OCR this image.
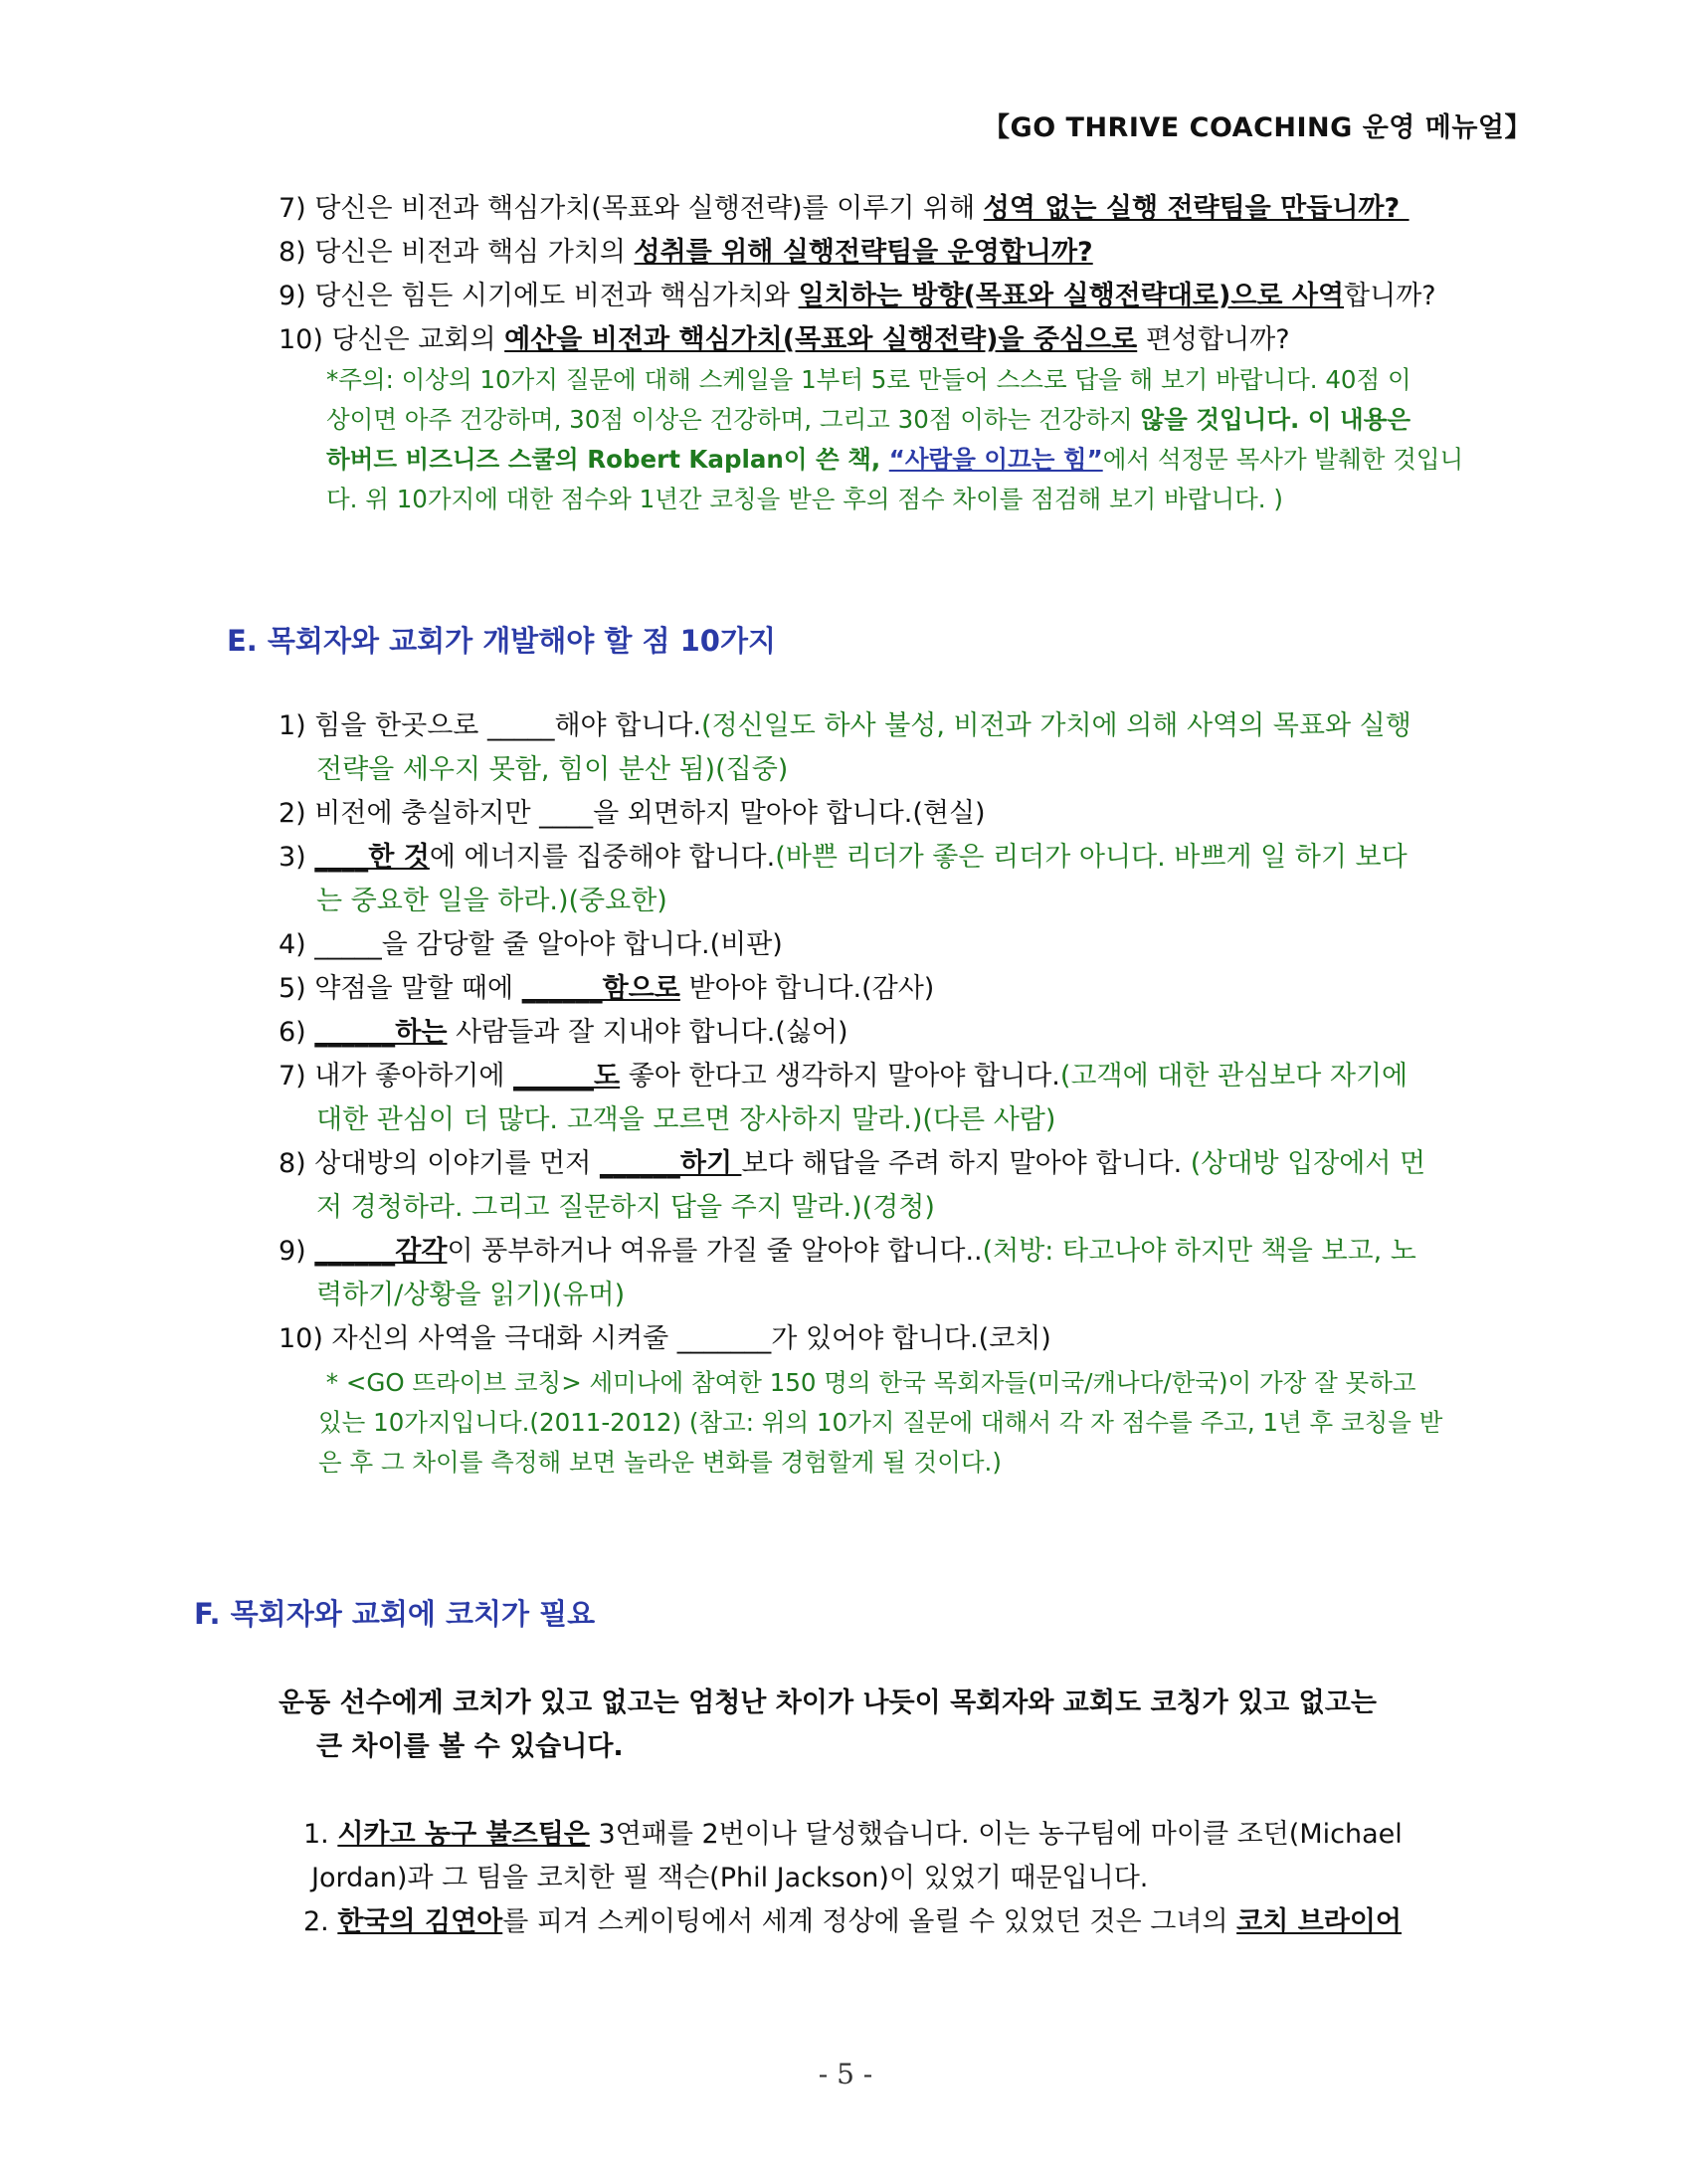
【GO THRIVE COACHING 운영 메뉴얼】
7) 당신은 비전과 핵심가치(목표와 실행전략)를 이루기 위해 성역 없는 실행 전략팀을 만듭니까?
8) 당신은 비전과 핵심 가치의 성취를 위해 실행전략팀을 운영합니까?
9) 당신은 힘든 시기에도 비전과 핵심가치와 일치하는 방향(목표와 실행전략대로)으로 사역 합니까?
10) 당신은 교회의 예산을 비전과 핵심가치(목표와 실행전략)을 중심으로 편성합니까?
*주의: 이상의 10가지 질문에 대해 스케일을 1부터 5로 만들어 스스로 답을 해 보기 바랍니다. 40점 이
상이면 아주 건강하며, 30점 이상은 건강하며, 그리고 30점 이하는 건강하지 않을 것입니다. 이 내용은
하버드 비즈니즈 스쿨의 Robert Kaplan이 쓴 책, “사람을 이끄는 힘” 에서 석정문 목사가 발췌한 것입니
다. 위 10가지에 대한 점수와 1년간 코칭을 받은 후의 점수 차이를 점검해 보기 바랍니다. )
E. 목회자와 교회가 개발해야 할 점 10가지
1) 힘을 한곳으로 _____해야 합니다. (정신일도 하사 불성, 비전과 가치에 의해 사역의 목표와 실행
전략을 세우지 못함, 힘이 분산 됨)(집중)
2) 비전에 충실하지만 ____을 외면하지 말아야 합니다.(현실)
3) ____한 것 에 에너지를 집중해야 합니다. (바쁜 리더가 좋은 리더가 아니다. 바쁘게 일 하기 보다
는 중요한 일을 하라.)(중요한)
4) _____을 감당할 줄 알아야 합니다.(비판)
5) 약점을 말할 때에 ______함으로 받아야 합니다.(감사)
6) ______하는 사람들과 잘 지내야 합니다.(싫어)
7) 내가 좋아하기에 ______도 좋아 한다고 생각하지 말아야 합니다. (고객에 대한 관심보다 자기에
대한 관심이 더 많다. 고객을 모르면 장사하지 말라.)(다른 사람)
8) 상대방의 이야기를 먼저 ______하기 보다 해답을 주려 하지 말아야 합니다. (상대방 입장에서 먼
저 경청하라. 그리고 질문하지 답을 주지 말라.)(경청)
9) ______감각 이 풍부하거나 여유를 가질 줄 알아야 합니다.. (처방: 타고나야 하지만 책을 보고, 노
력하기/상황을 읽기)(유머)
10) 자신의 사역을 극대화 시켜줄 _______가 있어야 합니다.(코치)
* <GO 뜨라이브 코칭> 세미나에 참여한 150 명의 한국 목회자들(미국/캐나다/한국)이 가장 잘 못하고
있는 10가지입니다.(2011-2012) (참고: 위의 10가지 질문에 대해서 각 자 점수를 주고, 1년 후 코칭을 받
은 후 그 차이를 측정해 보면 놀라운 변화를 경험할게 될 것이다.)
F. 목회자와 교회에 코치가 필요
운동 선수에게 코치가 있고 없고는 엄청난 차이가 나듯이 목회자와 교회도 코칭가 있고 없고는
큰 차이를 볼 수 있습니다.
1. 시카고 농구 불즈팀은 3연패를 2번이나 달성했습니다. 이는 농구팀에 마이클 조던(Michael
Jordan)과 그 팀을 코치한 필 잭슨(Phil Jackson)이 있었기 때문입니다.
2. 한국의 김연아 를 피겨 스케이팅에서 세계 정상에 올릴 수 있었던 것은 그녀의 코치 브라이어
- 5 -
